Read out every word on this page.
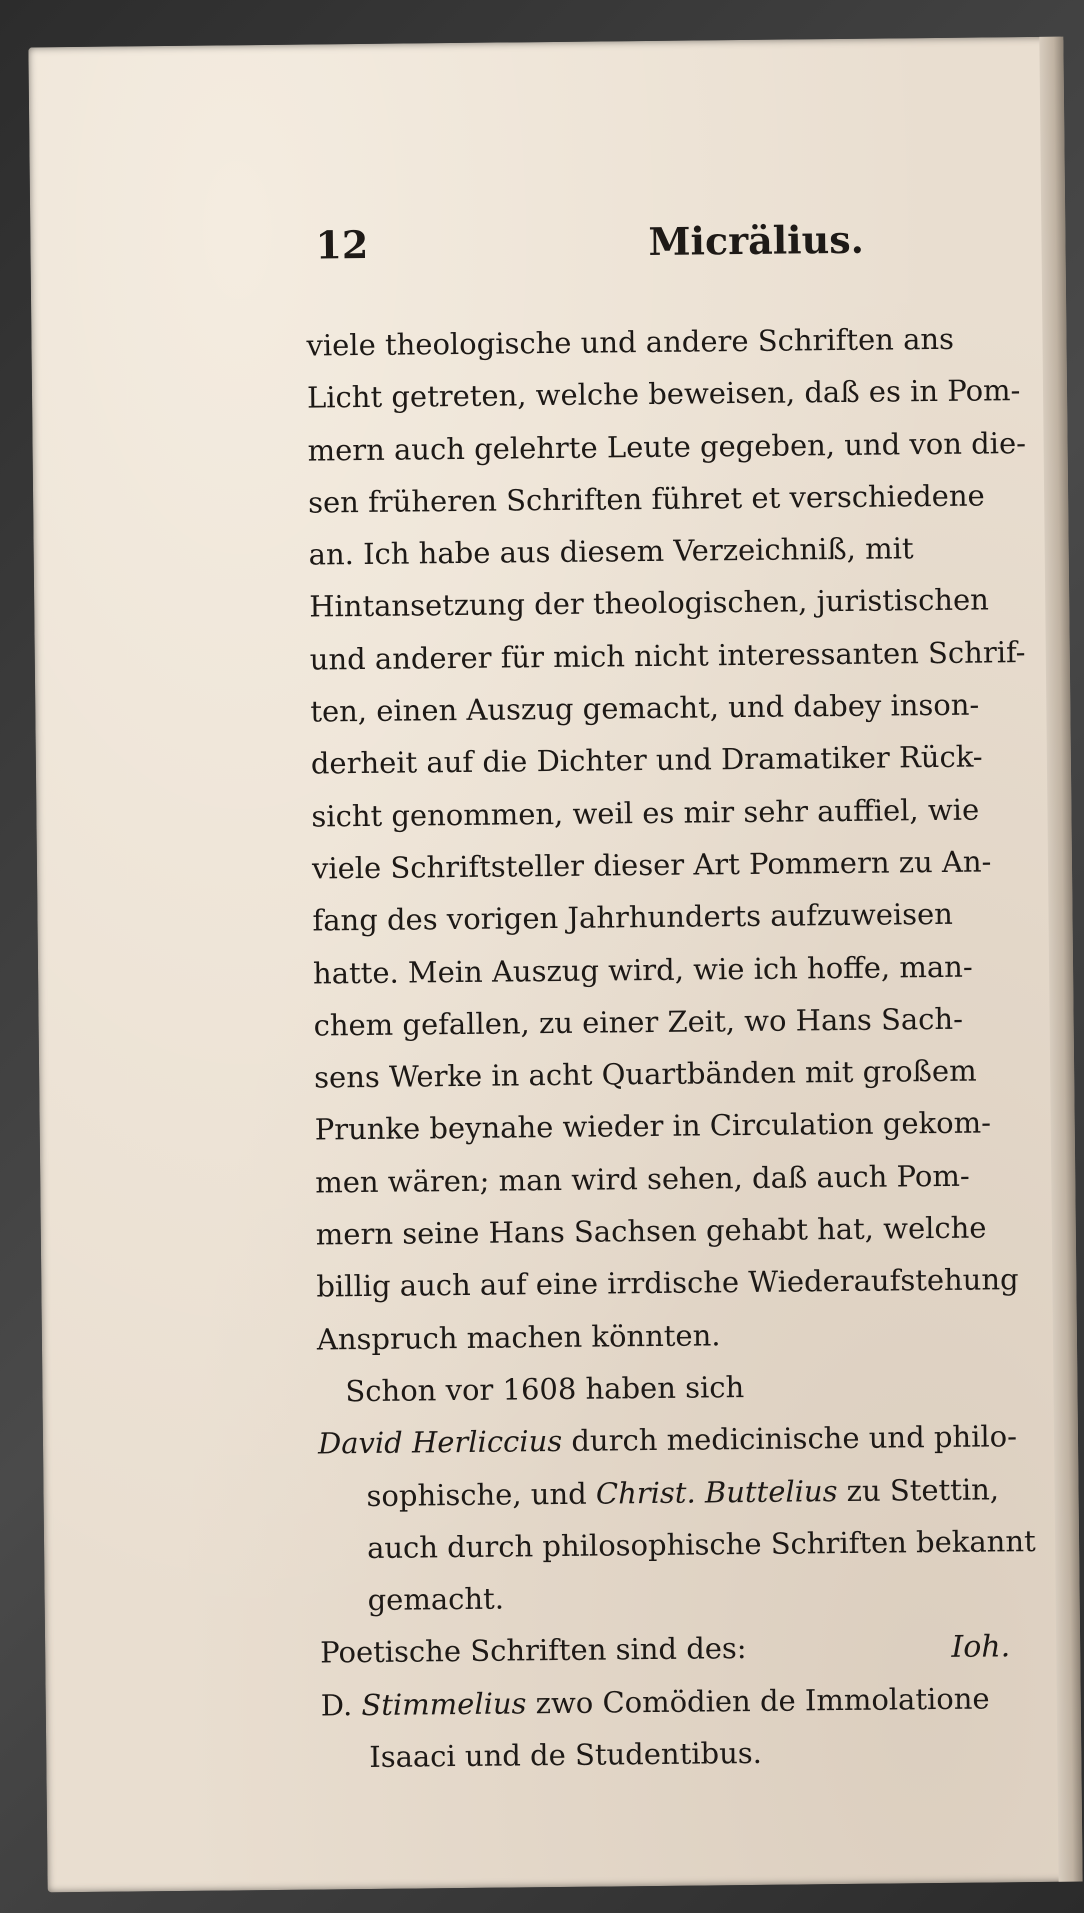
12	Micrälius.
viele theologische und andere Schriften ans
Licht getreten, welche beweisen, daß es in Pom-
mern auch gelehrte Leute gegeben, und von die-
sen früheren Schriften führet et verschiedene
an. Ich habe aus diesem Verzeichniß, mit
Hintansetzung der theologischen, juristischen
und anderer für mich nicht interessanten Schrif-
ten, einen Auszug gemacht, und dabey inson-
derheit auf die Dichter und Dramatiker Rück-
sicht genommen, weil es mir sehr auffiel, wie
viele Schriftsteller dieser Art Pommern zu An-
fang des vorigen Jahrhunderts aufzuweisen
hatte. Mein Auszug wird, wie ich hoffe, man-
chem gefallen, zu einer Zeit, wo Hans Sach-
sens Werke in acht Quartbänden mit großem
Prunke beynahe wieder in Circulation gekom-
men wären; man wird sehen, daß auch Pom-
mern seine Hans Sachsen gehabt hat, welche
billig auch auf eine irrdische Wiederaufstehung
Anspruch machen könnten.
Schon vor 1608 haben sich
David Herliccius durch medicinische und philo-
sophische, und Christ. Buttelius zu Stettin,
auch durch philosophische Schriften bekannt
gemacht.
Poetische Schriften sind des:
D. Stimmelius zwo Comödien de Immolatione
Isaaci und de Studentibus.
Ioh.
